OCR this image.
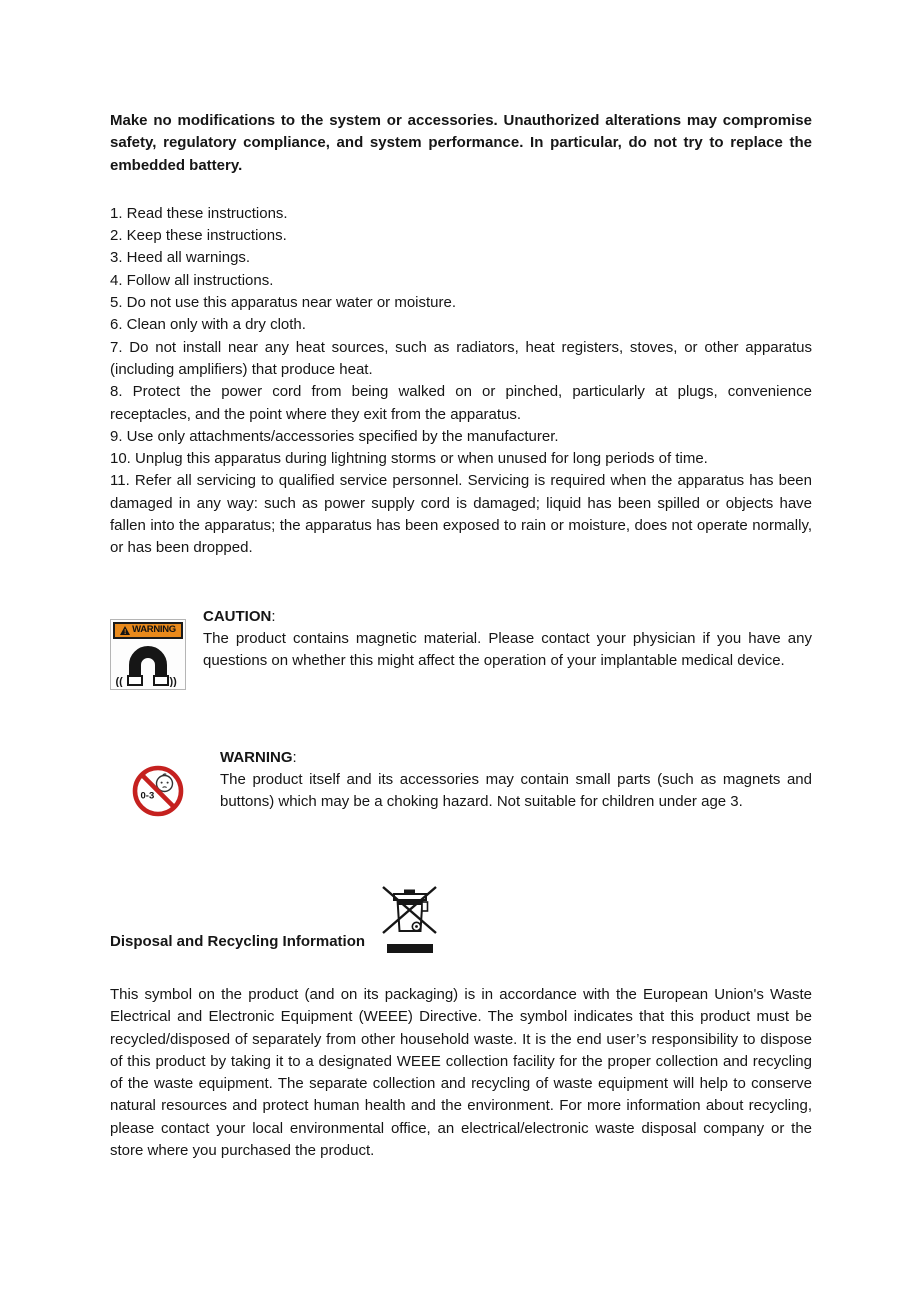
Make no modifications to the system or accessories. Unauthorized alterations may compromise safety, regulatory compliance, and system performance. In particular, do not try to replace the embedded battery.

1. Read these instructions.

2. Keep these instructions.

3. Heed all warnings.

4. Follow all instructions.

5. Do not use this apparatus near water or moisture.

6. Clean only with a dry cloth.

7. Do not install near any heat sources, such as radiators, heat registers, stoves, or other apparatus (including amplifiers) that produce heat.

8. Protect the power cord from being walked on or pinched, particularly at plugs, convenience receptacles, and the point where they exit from the apparatus.

9. Use only attachments/accessories specified by the manufacturer.

10. Unplug this apparatus during lightning storms or when unused for long periods of time.

11. Refer all servicing to qualified service personnel. Servicing is required when the apparatus has been damaged in any way: such as power supply cord is damaged; liquid has been spilled or objects have fallen into the apparatus; the apparatus has been exposed to rain or moisture, does not operate normally, or has been dropped.

! WARNING
((	))

CAUTION:

The product contains magnetic material. Please contact your physician if you have any questions on whether this might affect the operation of your implantable medical device.

0-3

WARNING:

The product itself and its accessories may contain small parts (such as magnets and buttons) which may be a choking hazard. Not suitable for children under age 3.

Disposal and Recycling Information

This symbol on the product (and on its packaging) is in accordance with the European Union's Waste Electrical and Electronic Equipment (WEEE) Directive. The symbol indicates that this product must be recycled/disposed of separately from other household waste. It is the end user’s responsibility to dispose of this product by taking it to a designated WEEE collection facility for the proper collection and recycling of the waste equipment. The separate collection and recycling of waste equipment will help to conserve natural resources and protect human health and the environment. For more information about recycling, please contact your local environmental office, an electrical/electronic waste disposal company or the store where you purchased the product.
